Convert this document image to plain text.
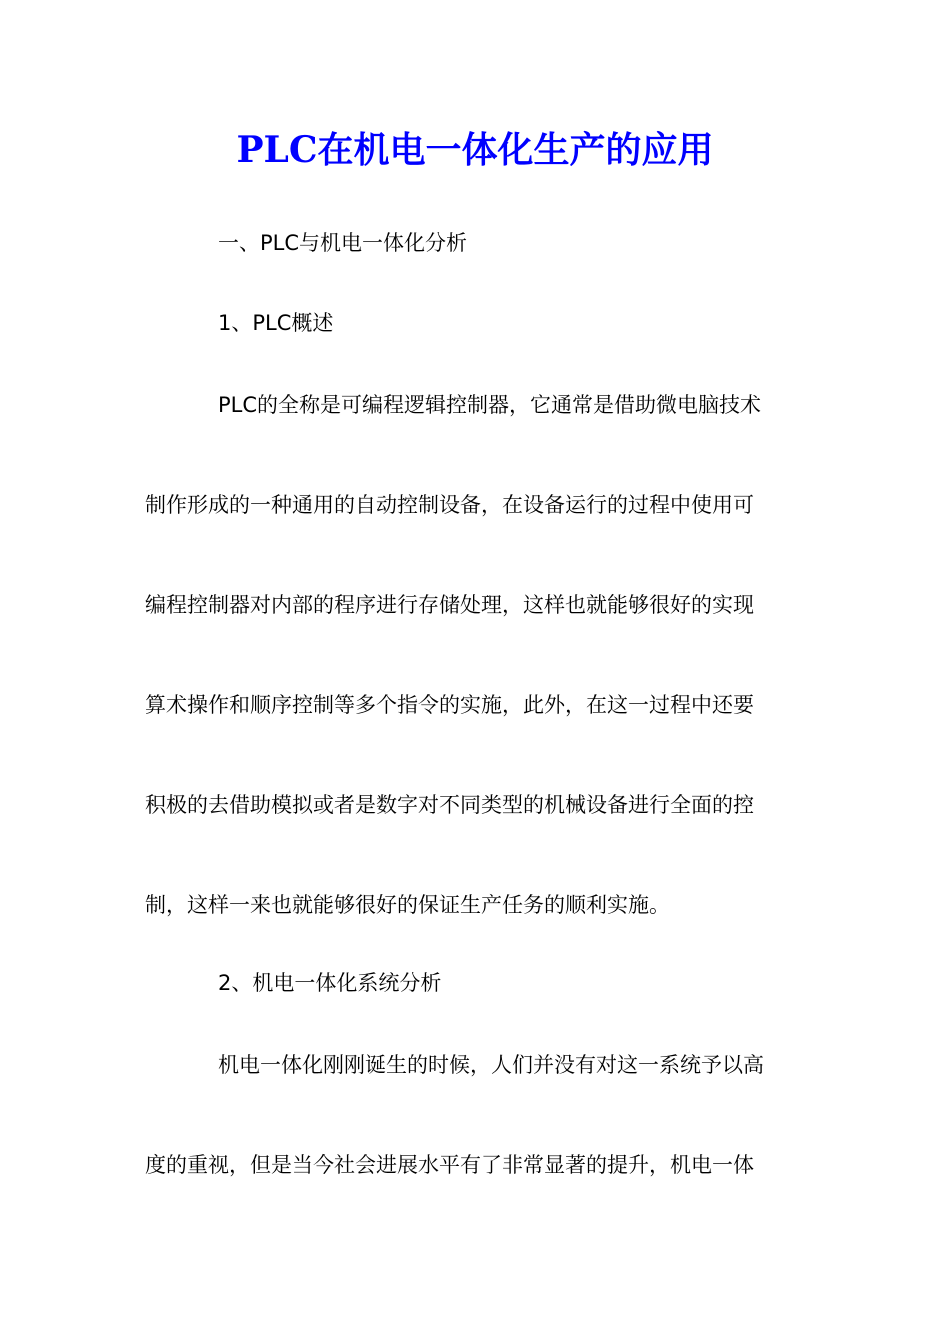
PLC在机电一体化生产的应用

一、PLC与机电一体化分析

1、PLC概述

PLC的全称是可编程逻辑控制器，它通常是借助微电脑技术
制作形成的一种通用的自动控制设备，在设备运行的过程中使用可
编程控制器对内部的程序进行存储处理，这样也就能够很好的实现
算术操作和顺序控制等多个指令的实施，此外，在这一过程中还要
积极的去借助模拟或者是数字对不同类型的机械设备进行全面的控
制，这样一来也就能够很好的保证生产任务的顺利实施。

2、机电一体化系统分析

机电一体化刚刚诞生的时候，人们并没有对这一系统予以高
度的重视，但是当今社会进展水平有了非常显著的提升，机电一体
